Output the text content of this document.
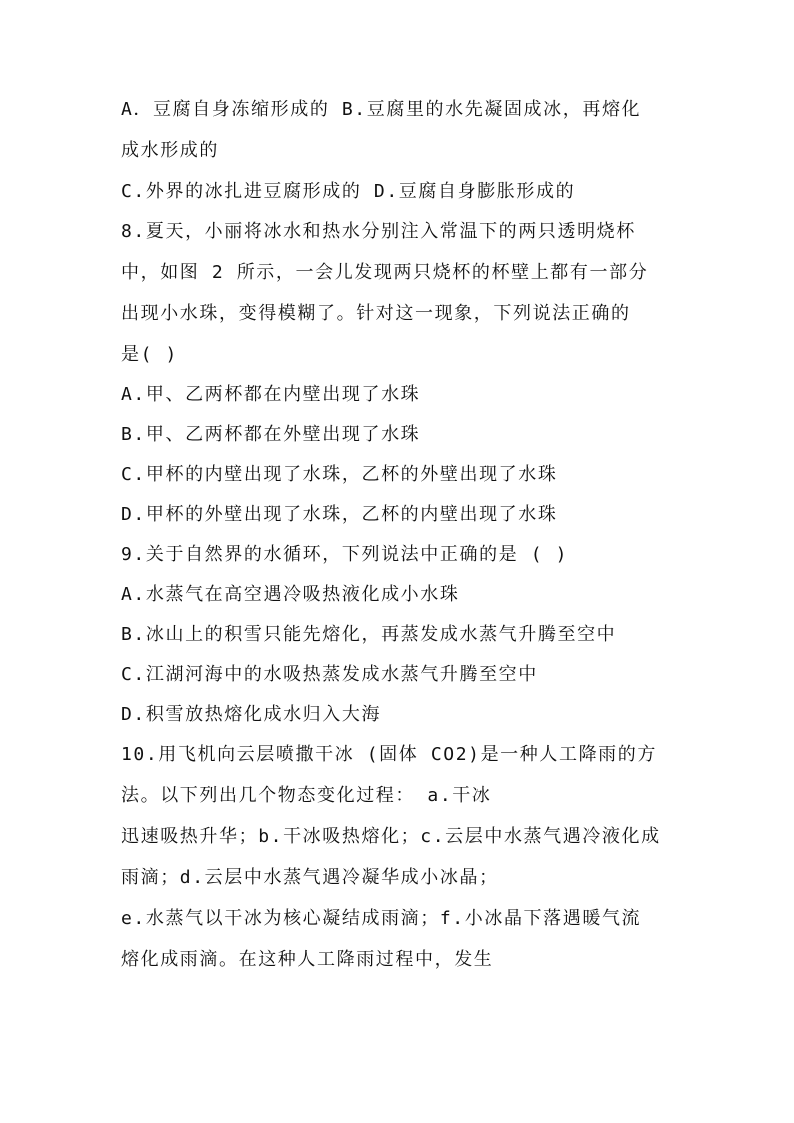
A．豆腐自身冻缩形成的 B.豆腐里的水先凝固成冰，再熔化
成水形成的
C.外界的冰扎进豆腐形成的 D.豆腐自身膨胀形成的
8.夏天，小丽将冰水和热水分别注入常温下的两只透明烧杯
中，如图 2 所示，一会儿发现两只烧杯的杯壁上都有一部分
出现小水珠，变得模糊了。针对这一现象，下列说法正确的
是( )
A.甲、乙两杯都在内壁出现了水珠
B.甲、乙两杯都在外壁出现了水珠
C.甲杯的内壁出现了水珠，乙杯的外壁出现了水珠
D.甲杯的外壁出现了水珠，乙杯的内壁出现了水珠
9.关于自然界的水循环，下列说法中正确的是 ( )
A.水蒸气在高空遇冷吸热液化成小水珠
B.冰山上的积雪只能先熔化，再蒸发成水蒸气升腾至空中
C.江湖河海中的水吸热蒸发成水蒸气升腾至空中
D.积雪放热熔化成水归入大海
10.用飞机向云层喷撒干冰 (固体 CO2)是一种人工降雨的方
法。以下列出几个物态变化过程： a.干冰
迅速吸热升华；b.干冰吸热熔化；c.云层中水蒸气遇冷液化成
雨滴；d.云层中水蒸气遇冷凝华成小冰晶；
e.水蒸气以干冰为核心凝结成雨滴；f.小冰晶下落遇暖气流
熔化成雨滴。在这种人工降雨过程中，发生
